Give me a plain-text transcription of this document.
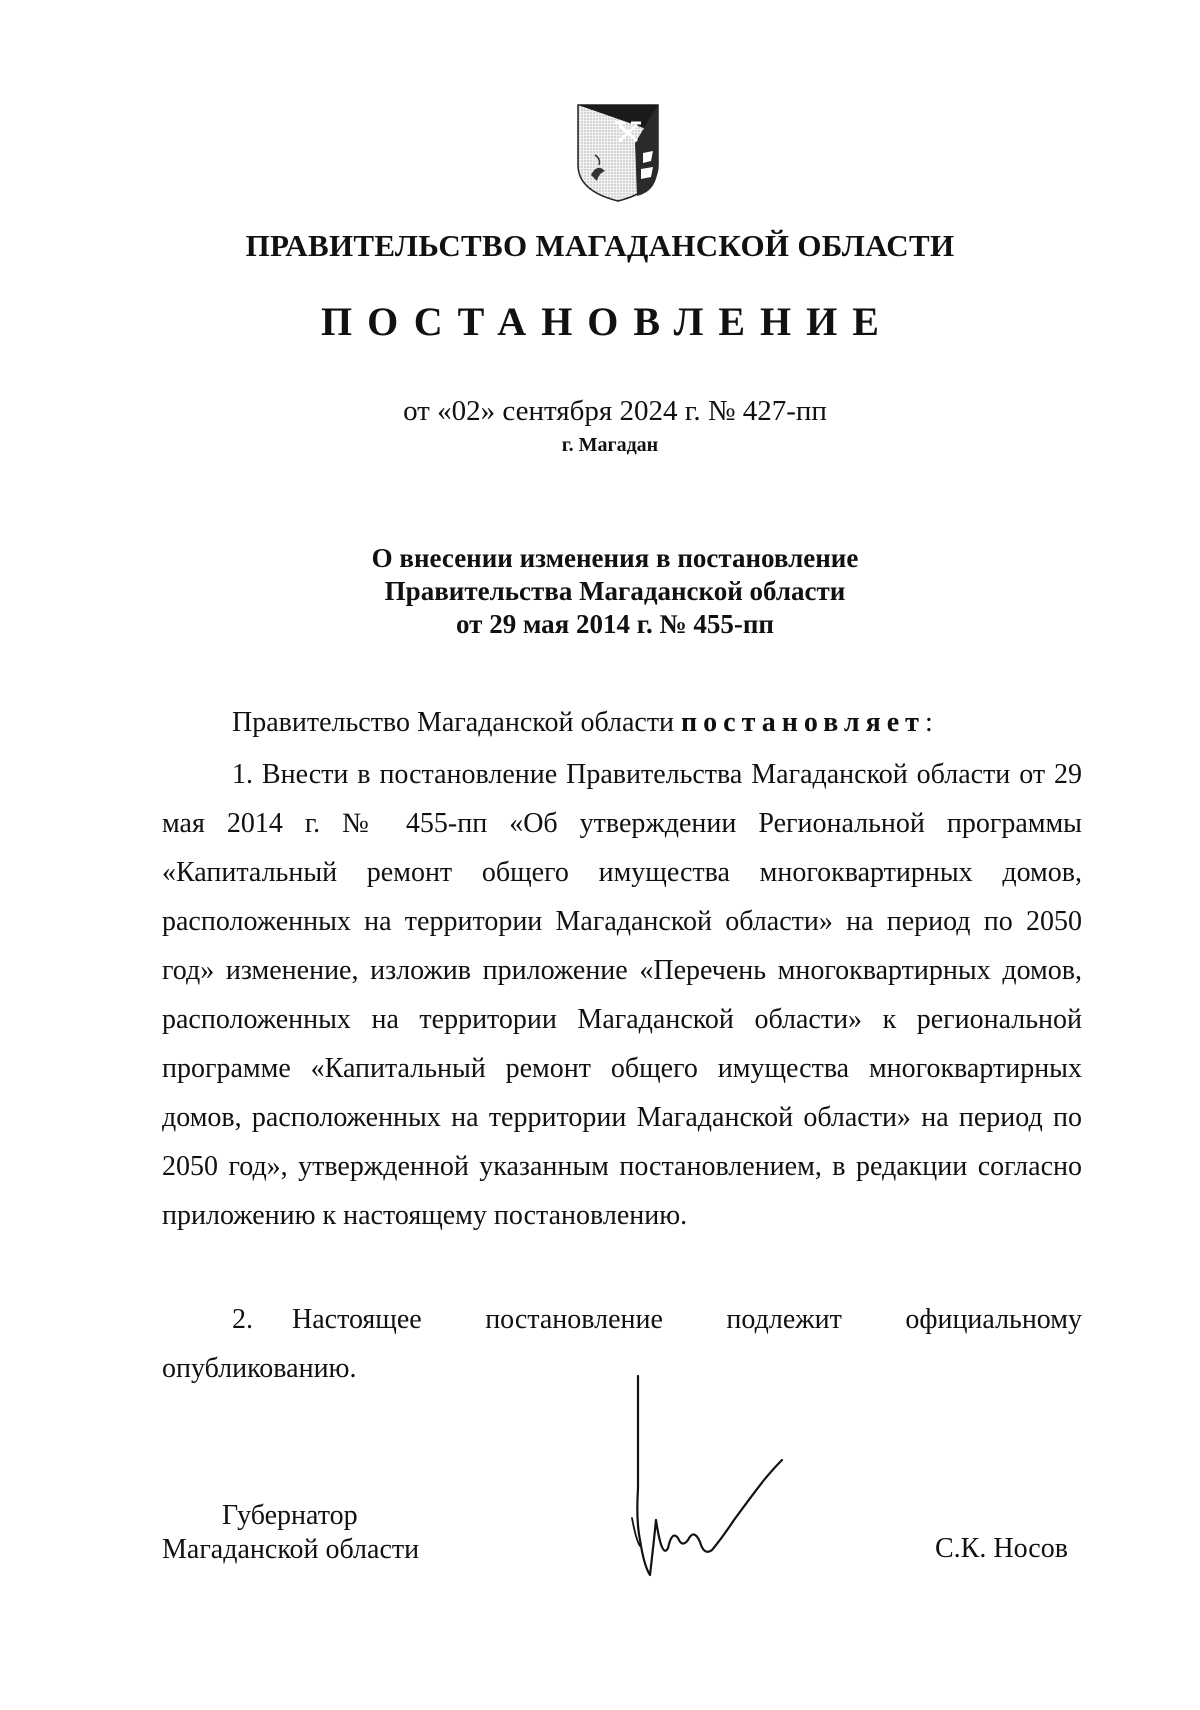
ПРАВИТЕЛЬСТВО МАГАДАНСКОЙ ОБЛАСТИ
ПОСТАНОВЛЕНИЕ
от «02» сентября 2024 г. № 427-пп
г. Магадан
О внесении изменения в постановление
Правительства Магаданской области
от 29 мая 2014 г. № 455-пп
Правительство Магаданской области постановляет:

1. Внести в постановление Правительства Магаданской области от 29 мая 2014 г. № 455-пп «Об утверждении Региональной программы «Капитальный ремонт общего имущества многоквартирных домов, расположенных на территории Магаданской области» на период по 2050 год» изменение, изложив приложение «Перечень многоквартирных домов, расположенных на территории Магаданской области» к региональной программе «Капитальный ремонт общего имущества многоквартирных домов, расположенных на территории Магаданской области» на период по 2050 год», утвержденной указанным постановлением, в редакции согласно приложению к настоящему постановлению.

2. Настоящее постановление подлежит официальному опубликованию.

Губернатор
Магаданской области	С.К. Носов
